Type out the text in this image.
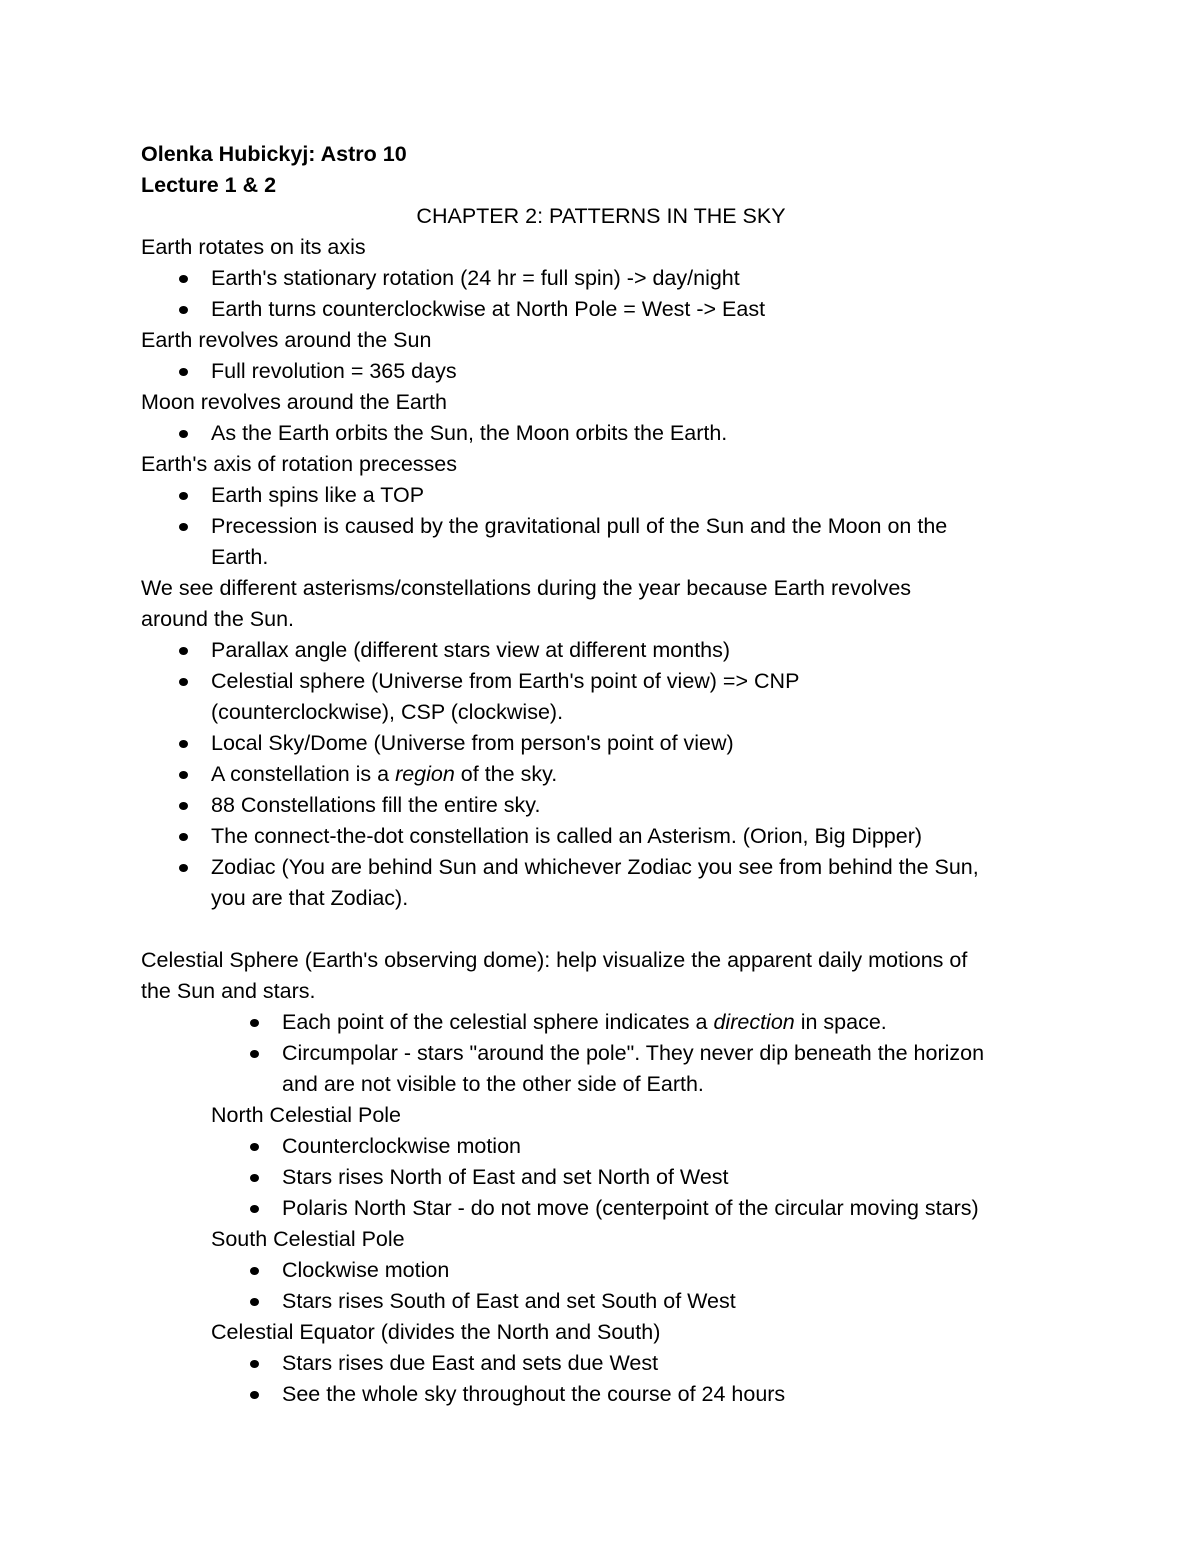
Olenka Hubickyj: Astro 10
Lecture 1 & 2
CHAPTER 2: PATTERNS IN THE SKY
Earth rotates on its axis
Earth's stationary rotation (24 hr = full spin) -> day/night
Earth turns counterclockwise at North Pole = West -> East
Earth revolves around the Sun
Full revolution = 365 days
Moon revolves around the Earth
As the Earth orbits the Sun, the Moon orbits the Earth.
Earth's axis of rotation precesses
Earth spins like a TOP
Precession is caused by the gravitational pull of the Sun and the Moon on the
Earth.
We see different asterisms/constellations during the year because Earth revolves
around the Sun.
Parallax angle (different stars view at different months)
Celestial sphere (Universe from Earth's point of view) => CNP
(counterclockwise), CSP (clockwise).
Local Sky/Dome (Universe from person's point of view)
A constellation is a region of the sky.
88 Constellations fill the entire sky.
The connect-the-dot constellation is called an Asterism. (Orion, Big Dipper)
Zodiac (You are behind Sun and whichever Zodiac you see from behind the Sun,
you are that Zodiac).
Celestial Sphere (Earth's observing dome): help visualize the apparent daily motions of
the Sun and stars.
Each point of the celestial sphere indicates a direction in space.
Circumpolar - stars "around the pole". They never dip beneath the horizon
and are not visible to the other side of Earth.
North Celestial Pole
Counterclockwise motion
Stars rises North of East and set North of West
Polaris North Star - do not move (centerpoint of the circular moving stars)
South Celestial Pole
Clockwise motion
Stars rises South of East and set South of West
Celestial Equator (divides the North and South)
Stars rises due East and sets due West
See the whole sky throughout the course of 24 hours
